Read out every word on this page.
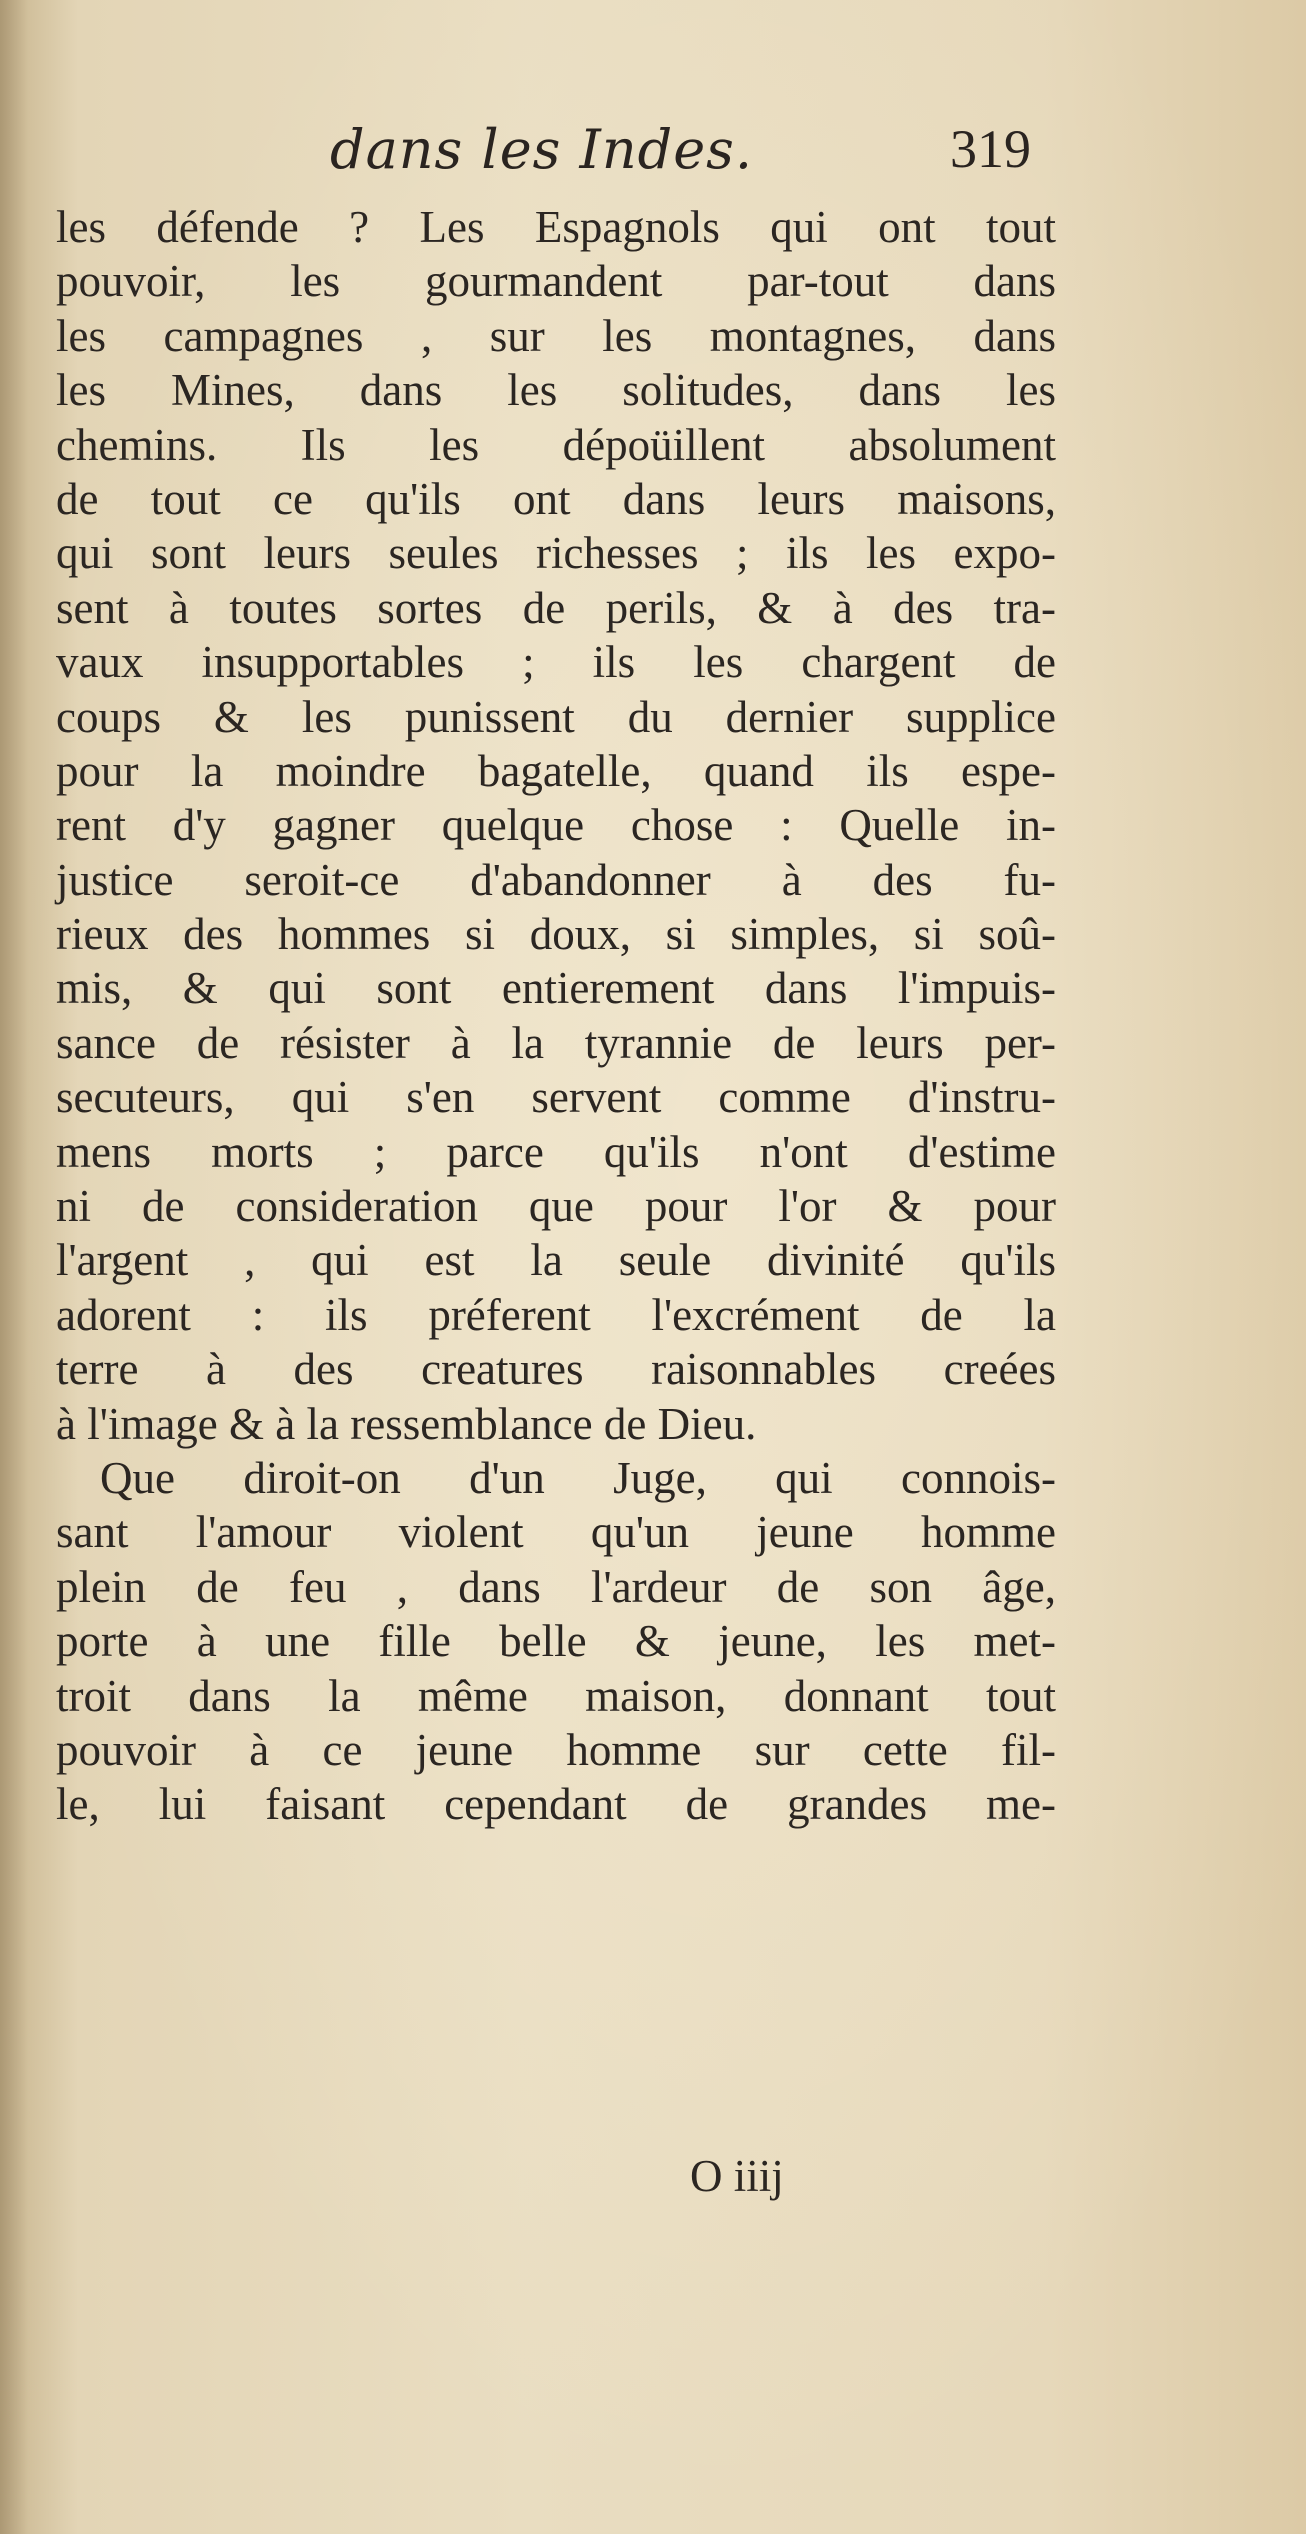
dans les Indes.	319
les défende ? Les Espagnols qui ont tout
pouvoir, les gourmandent par-tout dans
les campagnes , sur les montagnes, dans
les Mines, dans les solitudes, dans les
chemins. Ils les dépoüillent absolument
de tout ce qu'ils ont dans leurs maisons,
qui sont leurs seules richesses ; ils les expo-
sent à toutes sortes de perils, & à des tra-
vaux insupportables ; ils les chargent de
coups & les punissent du dernier supplice
pour la moindre bagatelle, quand ils espe-
rent d'y gagner quelque chose : Quelle in-
justice seroit-ce d'abandonner à des fu-
rieux des hommes si doux, si simples, si soû-
mis, & qui sont entierement dans l'impuis-
sance de résister à la tyrannie de leurs per-
secuteurs, qui s'en servent comme d'instru-
mens morts ; parce qu'ils n'ont d'estime
ni de consideration que pour l'or & pour
l'argent , qui est la seule divinité qu'ils
adorent : ils préferent l'excrément de la
terre à des creatures raisonnables creées
à l'image & à la ressemblance de Dieu.
Que diroit-on d'un Juge, qui connois-
sant l'amour violent qu'un jeune homme
plein de feu , dans l'ardeur de son âge,
porte à une fille belle & jeune, les met-
troit dans la même maison, donnant tout
pouvoir à ce jeune homme sur cette fil-
le, lui faisant cependant de grandes me-
O iiij
